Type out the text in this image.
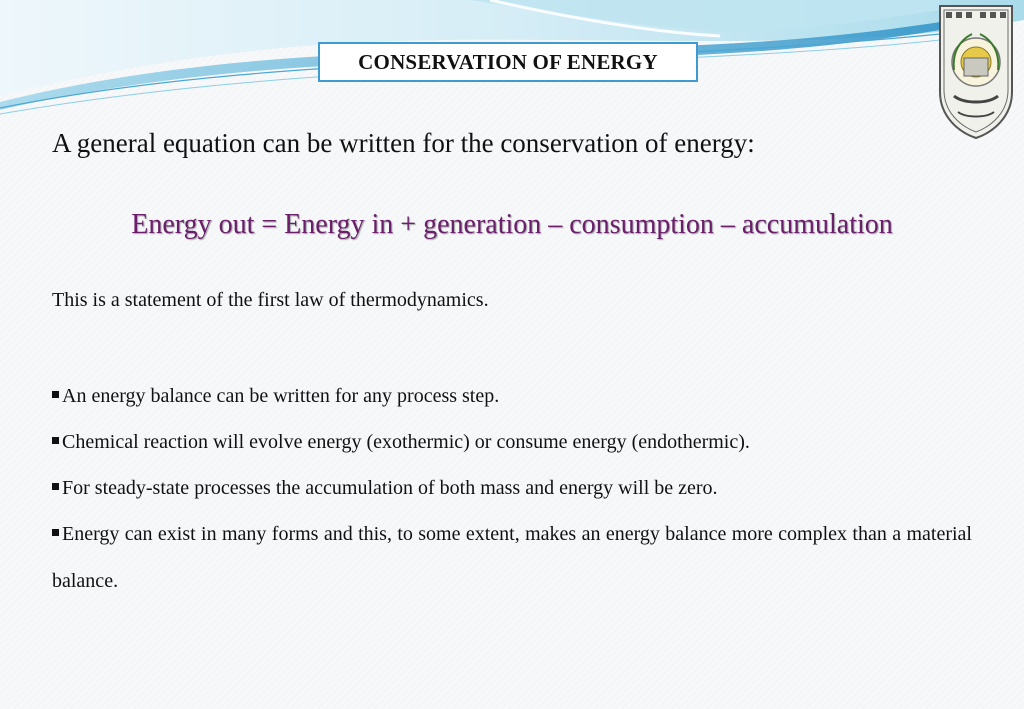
CONSERVATION OF ENERGY
A general equation can be written for the conservation of energy:
Energy out = Energy in + generation – consumption – accumulation
This is a statement of the first law of thermodynamics.
An energy balance can be written for any process step.
Chemical reaction will evolve energy (exothermic) or consume energy (endothermic).
For steady-state processes the accumulation of both mass and energy will be zero.
Energy can exist in many forms and this, to some extent, makes an energy balance more complex than a material balance.
